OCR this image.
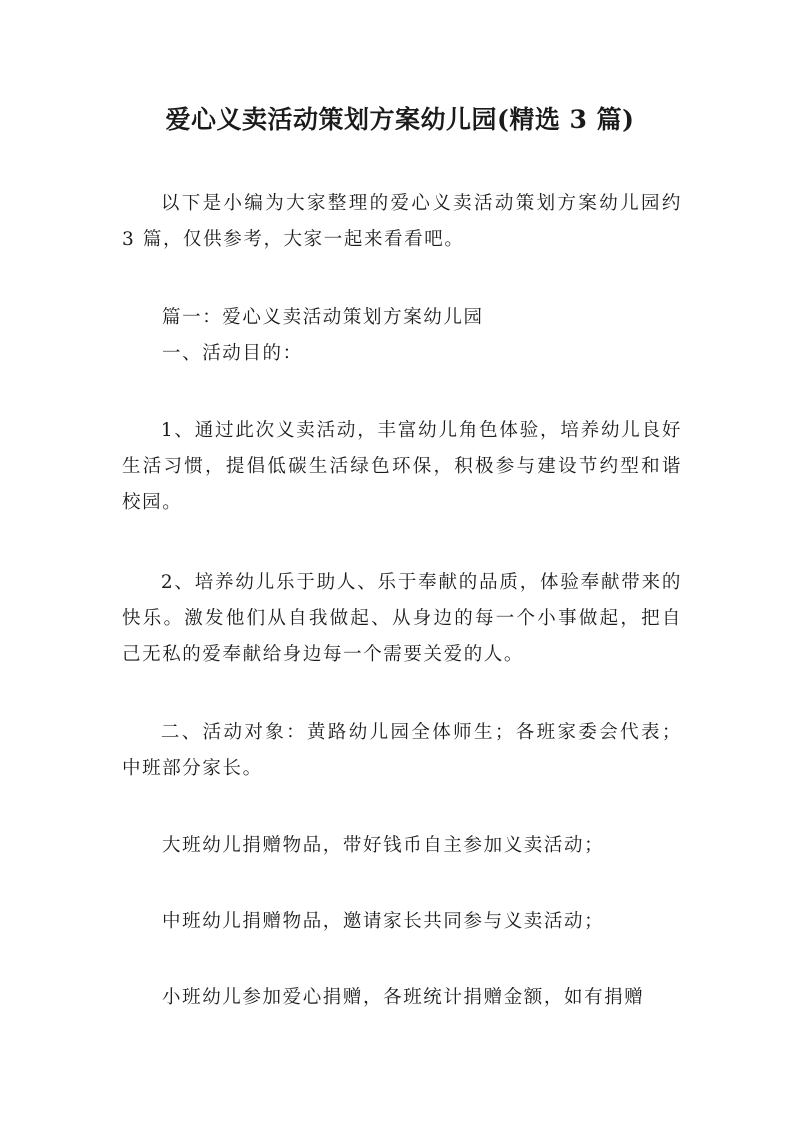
爱心义卖活动策划方案幼儿园(精选 3 篇)

以下是小编为大家整理的爱心义卖活动策划方案幼儿园约 3 篇，仅供参考，大家一起来看看吧。

篇一：爱心义卖活动策划方案幼儿园

一、活动目的：

1、通过此次义卖活动，丰富幼儿角色体验，培养幼儿良好生活习惯，提倡低碳生活绿色环保，积极参与建设节约型和谐校园。

2、培养幼儿乐于助人、乐于奉献的品质，体验奉献带来的快乐。激发他们从自我做起、从身边的每一个小事做起，把自己无私的爱奉献给身边每一个需要关爱的人。

二、活动对象：黄路幼儿园全体师生；各班家委会代表；中班部分家长。

大班幼儿捐赠物品，带好钱币自主参加义卖活动；

中班幼儿捐赠物品，邀请家长共同参与义卖活动；

小班幼儿参加爱心捐赠，各班统计捐赠金额，如有捐赠
